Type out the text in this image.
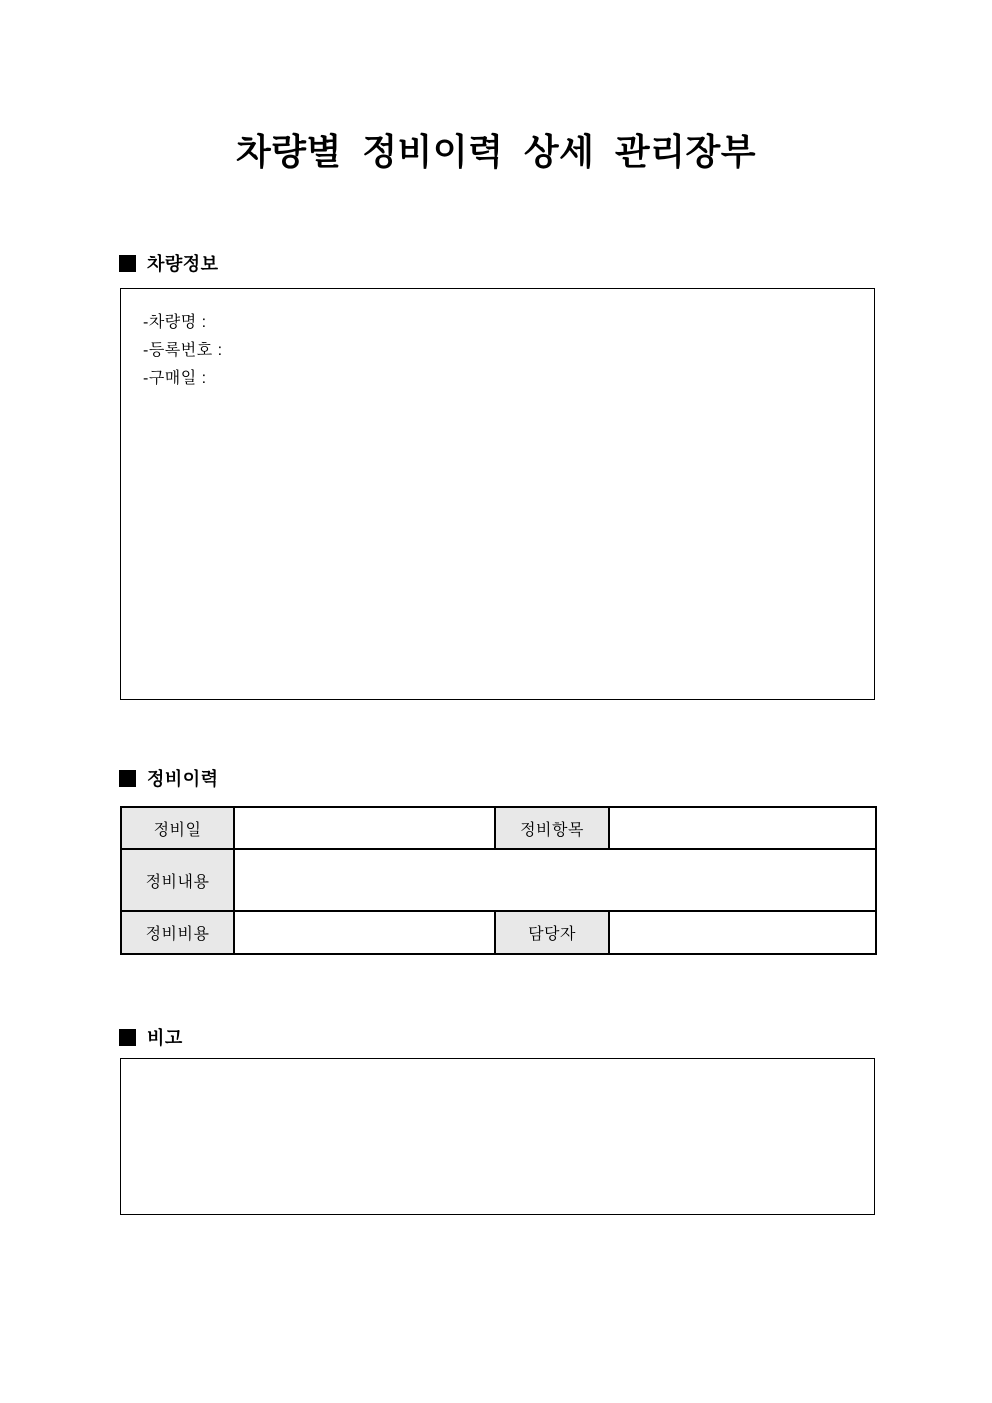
차량별 정비이력 상세 관리장부
차량정보
-차량명 :
-등록번호 :
-구매일 :
정비이력
정비일		정비항목	
정비내용			
정비비용		담당자	
비고
